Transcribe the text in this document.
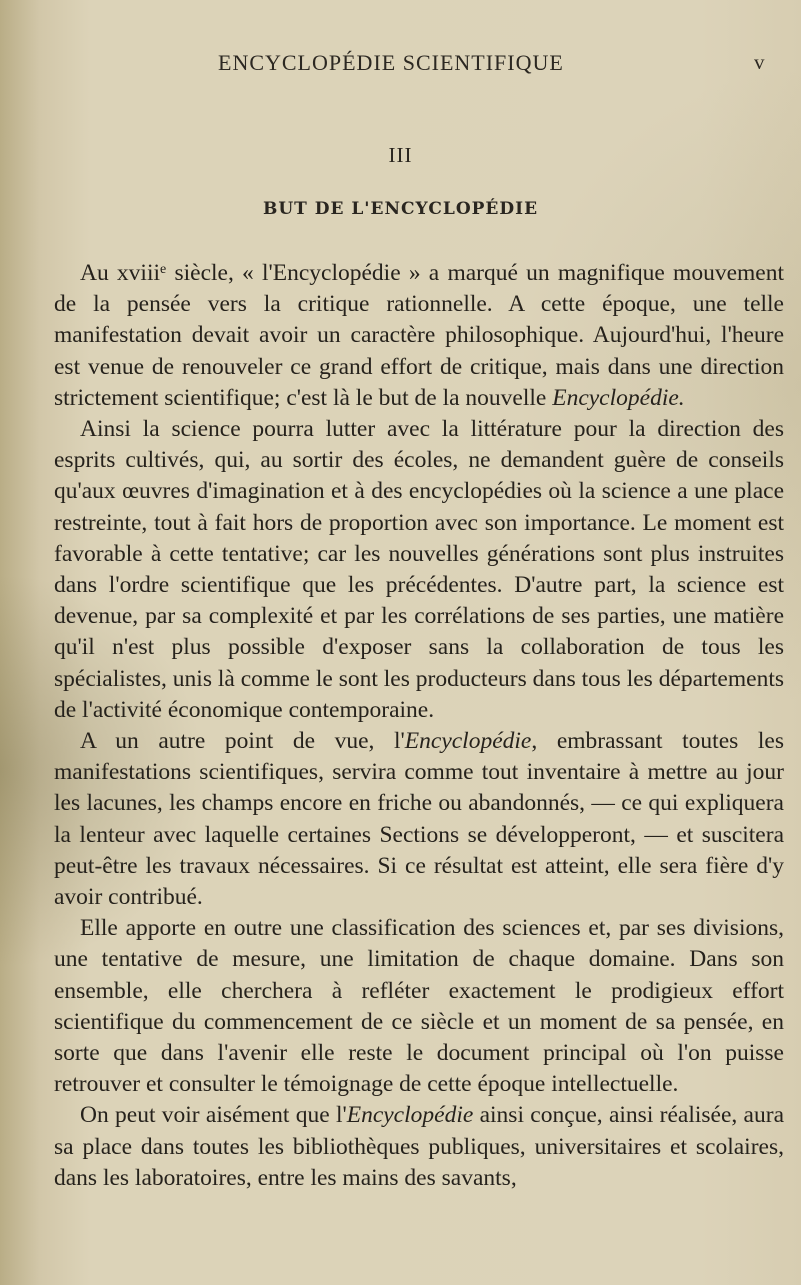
ENCYCLOPÉDIE SCIENTIFIQUE	v
III
BUT DE L'ENCYCLOPÉDIE

Au xviii$^e$ siècle, « l'Encyclopédie » a marqué un magnifique mouvement de la pensée vers la critique rationnelle. A cette époque, une telle manifestation devait avoir un caractère philosophique. Aujourd'hui, l'heure est venue de renouveler ce grand effort de critique, mais dans une direction strictement scientifique; c'est là le but de la nouvelle Encyclopédie.

Ainsi la science pourra lutter avec la littérature pour la direction des esprits cultivés, qui, au sortir des écoles, ne demandent guère de conseils qu'aux œuvres d'imagination et à des encyclopédies où la science a une place restreinte, tout à fait hors de proportion avec son importance. Le moment est favorable à cette tentative; car les nouvelles générations sont plus instruites dans l'ordre scientifique que les précédentes. D'autre part, la science est devenue, par sa complexité et par les corrélations de ses parties, une matière qu'il n'est plus possible d'exposer sans la collaboration de tous les spécialistes, unis là comme le sont les producteurs dans tous les départements de l'activité économique contemporaine.

A un autre point de vue, l'Encyclopédie, embrassant toutes les manifestations scientifiques, servira comme tout inventaire à mettre au jour les lacunes, les champs encore en friche ou abandonnés, — ce qui expliquera la lenteur avec laquelle certaines Sections se développeront, — et suscitera peut-être les travaux nécessaires. Si ce résultat est atteint, elle sera fière d'y avoir contribué.

Elle apporte en outre une classification des sciences et, par ses divisions, une tentative de mesure, une limitation de chaque domaine. Dans son ensemble, elle cherchera à refléter exactement le prodigieux effort scientifique du commencement de ce siècle et un moment de sa pensée, en sorte que dans l'avenir elle reste le document principal où l'on puisse retrouver et consulter le témoignage de cette époque intellectuelle.

On peut voir aisément que l'Encyclopédie ainsi conçue, ainsi réalisée, aura sa place dans toutes les bibliothèques publiques, universitaires et scolaires, dans les laboratoires, entre les mains des savants,
